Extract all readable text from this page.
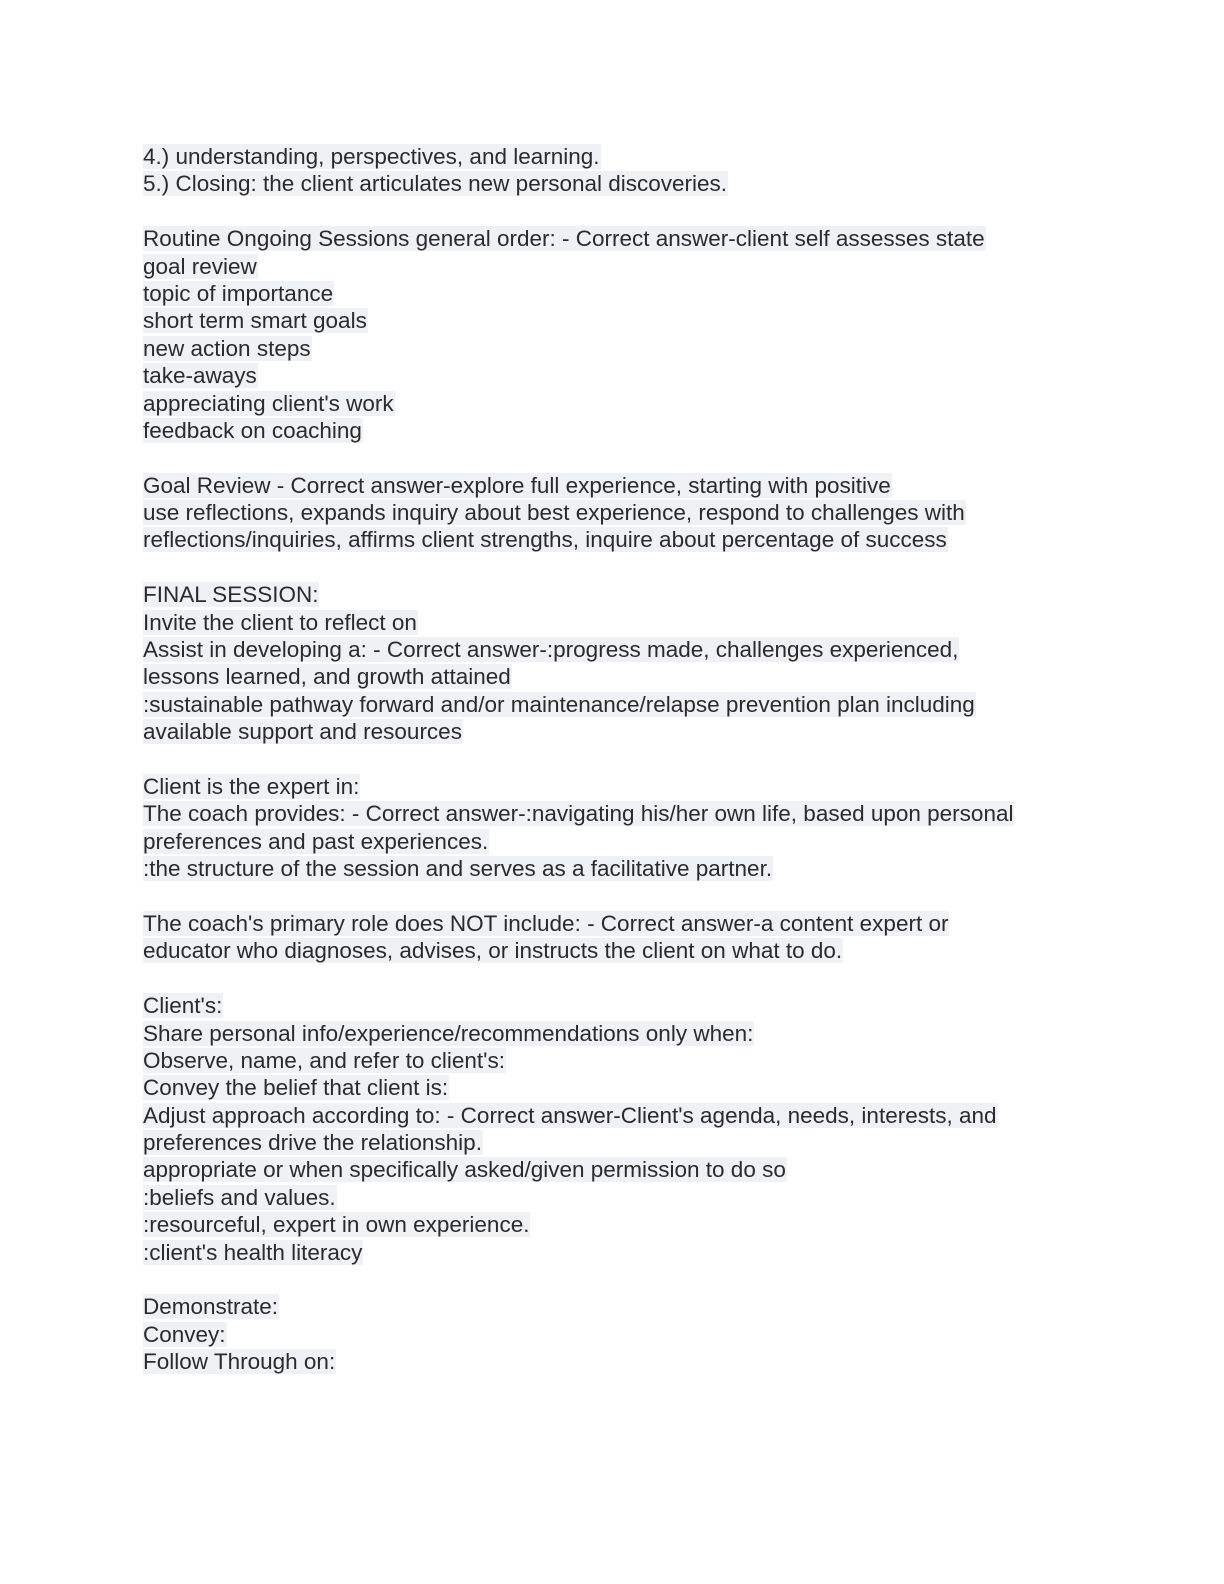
4.) understanding, perspectives, and learning.
5.) Closing: the client articulates new personal discoveries.
Routine Ongoing Sessions general order: - Correct answer-client self assesses state
goal review
topic of importance
short term smart goals
new action steps
take-aways
appreciating client's work
feedback on coaching
Goal Review - Correct answer-explore full experience, starting with positive
use reflections, expands inquiry about best experience, respond to challenges with
reflections/inquiries, affirms client strengths, inquire about percentage of success
FINAL SESSION:
Invite the client to reflect on
Assist in developing a: - Correct answer-:progress made, challenges experienced,
lessons learned, and growth attained
:sustainable pathway forward and/or maintenance/relapse prevention plan including
available support and resources
Client is the expert in:
The coach provides: - Correct answer-:navigating his/her own life, based upon personal
preferences and past experiences.
:the structure of the session and serves as a facilitative partner.
The coach's primary role does NOT include: - Correct answer-a content expert or
educator who diagnoses, advises, or instructs the client on what to do.
Client's:
Share personal info/experience/recommendations only when:
Observe, name, and refer to client's:
Convey the belief that client is:
Adjust approach according to: - Correct answer-Client's agenda, needs, interests, and
preferences drive the relationship.
appropriate or when specifically asked/given permission to do so
:beliefs and values.
:resourceful, expert in own experience.
:client's health literacy
Demonstrate:
Convey:
Follow Through on:
